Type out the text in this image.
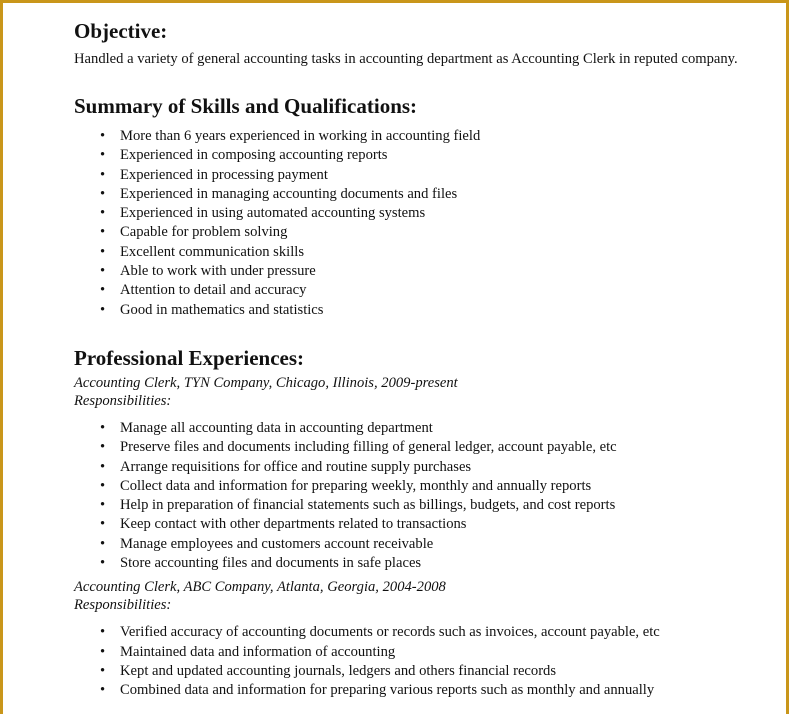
Objective:

Handled a variety of general accounting tasks in accounting department as Accounting Clerk in reputed company.

Summary of Skills and Qualifications:
• More than 6 years experienced in working in accounting field
• Experienced in composing accounting reports
• Experienced in processing payment
• Experienced in managing accounting documents and files
• Experienced in using automated accounting systems
• Capable for problem solving
• Excellent communication skills
• Able to work with under pressure
• Attention to detail and accuracy
• Good in mathematics and statistics
Professional Experiences:
Accounting Clerk, TYN Company, Chicago, Illinois, 2009-present
Responsibilities:
• Manage all accounting data in accounting department
• Preserve files and documents including filling of general ledger, account payable, etc
• Arrange requisitions for office and routine supply purchases
• Collect data and information for preparing weekly, monthly and annually reports
• Help in preparation of financial statements such as billings, budgets, and cost reports
• Keep contact with other departments related to transactions
• Manage employees and customers account receivable
• Store accounting files and documents in safe places
Accounting Clerk, ABC Company, Atlanta, Georgia, 2004-2008
Responsibilities:
• Verified accuracy of accounting documents or records such as invoices, account payable, etc
• Maintained data and information of accounting
• Kept and updated accounting journals, ledgers and others financial records
• Combined data and information for preparing various reports such as monthly and annually
